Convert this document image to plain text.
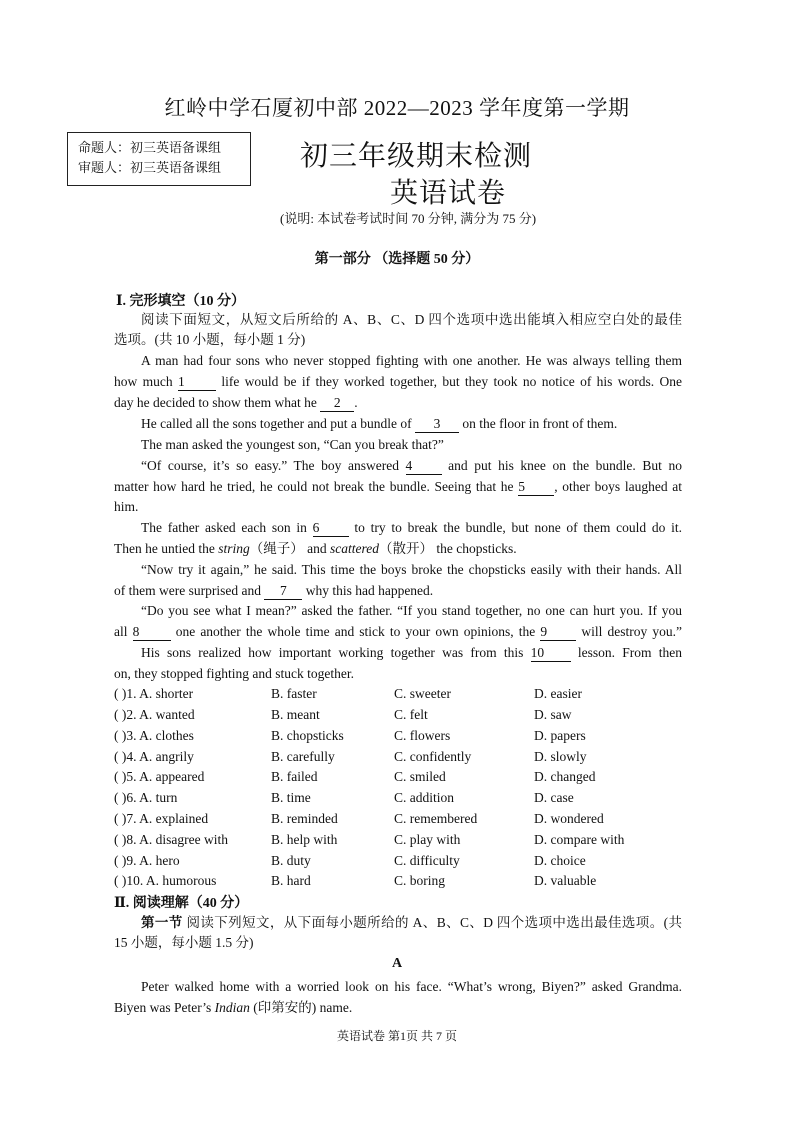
红岭中学石厦初中部 2022—2023 学年度第一学期
命题人：初三英语备课组
审题人：初三英语备课组	初三年级期末检测
英语试卷
(说明: 本试卷考试时间 70 分钟, 满分为 75 分)
第一部分 （选择题 50 分）
Ⅰ. 完形填空（10 分）
阅读下面短文，从短文后所给的 A、B、C、D 四个选项中选出能填入相应空白处的最佳
选项。(共 10 小题，每小题 1 分)
A man had four sons who never stopped fighting with one another. He was always telling them
how much 1	life would be if they worked together, but they took no notice of his words. One
day he decided to show them what he 2 .
He called all the sons together and put a bundle of 3 on the floor in front of them.
The man asked the youngest son, “Can you break that?”
“Of course, it’s so easy.” The boy answered 4	and put his knee on the bundle. But no
matter how hard he tried, he could not break the bundle. Seeing that he 5 , other boys laughed at
him.
The father asked each son in 6	to try to break the bundle, but none of them could do it.
Then he untied the string（绳子） and scattered（散开） the chopsticks.
“Now try it again,” he said. This time the boys broke the chopsticks easily with their hands. All
of them were surprised and 7 why this had happened.
“Do you see what I mean?” asked the father. “If you stand together, no one can hurt you. If you
all 8	one another the whole time and stick to your own opinions, the 9	will destroy you.”
His sons realized how important working together was from this 10	lesson. From then
on, they stopped fighting and stuck together.
( )1. A. shorter	B. faster	C. sweeter	D. easier
( )2. A. wanted	B. meant	C. felt	D. saw
( )3. A. clothes	B. chopsticks	C. flowers	D. papers
( )4. A. angrily	B. carefully	C. confidently	D. slowly
( )5. A. appeared	B. failed	C. smiled	D. changed
( )6. A. turn	B. time	C. addition	D. case
( )7. A. explained	B. reminded	C. remembered	D. wondered
( )8. A. disagree with	B. help with	C. play with	D. compare with
( )9. A. hero	B. duty	C. difficulty	D. choice
( )10. A. humorous	B. hard	C. boring	D. valuable
Ⅱ. 阅读理解（40 分）
第一节 阅读下列短文，从下面每小题所给的 A、B、C、D 四个选项中选出最佳选项。(共
15 小题，每小题 1.5 分)
A
Peter walked home with a worried look on his face. “What’s wrong, Biyen?” asked Grandma.
Biyen was Peter’s Indian (印第安的) name.
英语试卷 第1页 共 7 页
